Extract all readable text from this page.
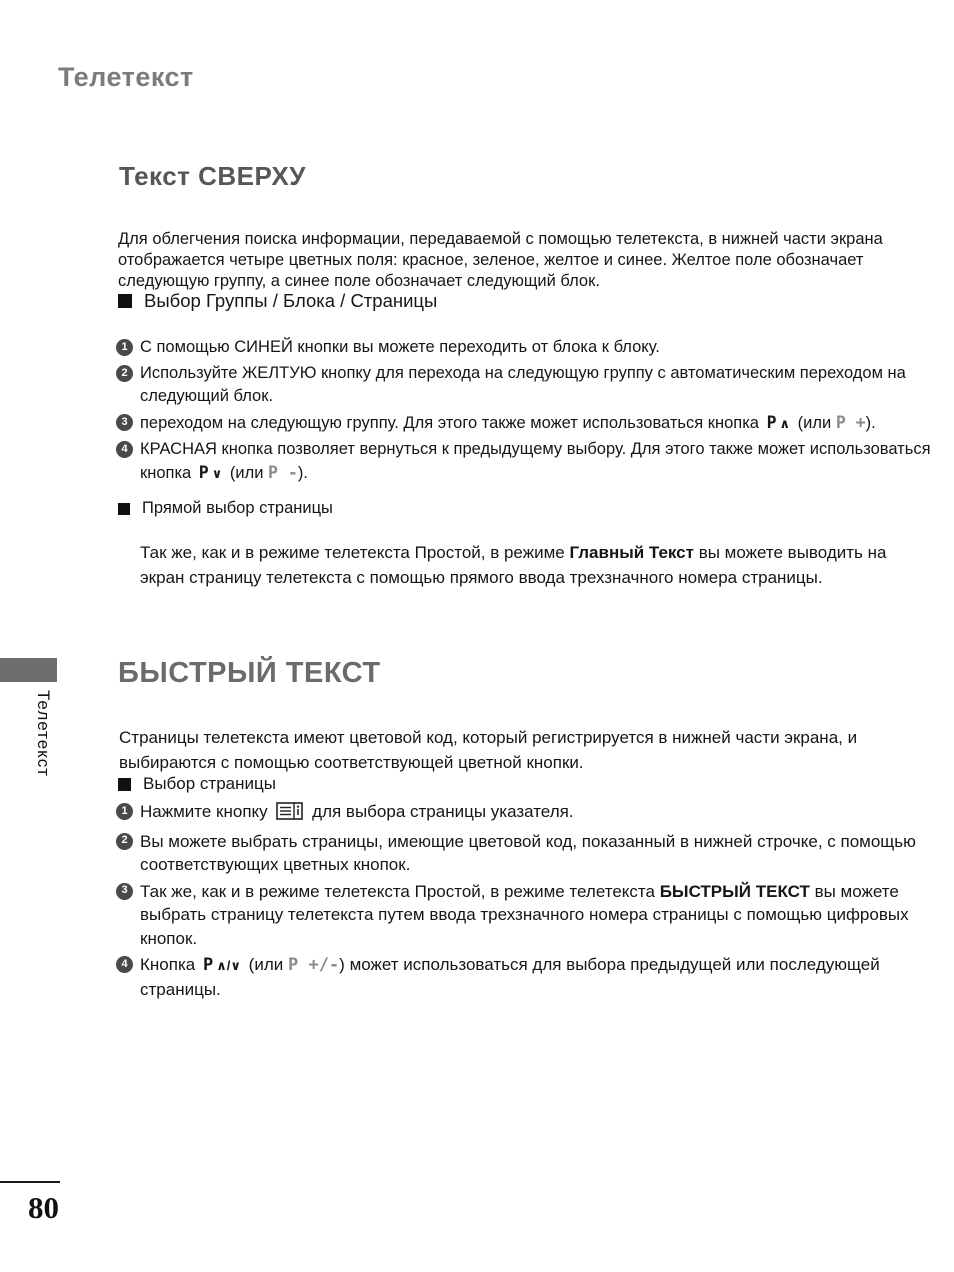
Телетекст
Текст СВЕРХУ

Для облегчения поиска информации, передаваемой с помощью телетекста, в нижней части экрана отображается четыре цветных поля: красное, зеленое, желтое и синее. Желтое поле обозначает следующую группу, а синее поле обозначает следующий блок.

Выбор Группы / Блока / Страницы
1 С помощью СИНЕЙ кнопки вы можете переходить от блока к блоку.
2 Используйте ЖЕЛТУЮ кнопку для перехода на следующую группу с автоматическим переходом на следующий блок.
3 переходом на следующую группу. Для этого также может использоваться кнопка P ∧ (или P +).
4 КРАСНАЯ кнопка позволяет вернуться к предыдущему выбору. Для этого также может использоваться кнопка P ∨ (или P -).
Прямой выбор страницы

Так же, как и в режиме телетекста Простой, в режиме Главный Текст вы можете выводить на экран страницу телетекста с помощью прямого ввода трехзначного номера страницы.

БЫСТРЫЙ ТЕКСТ
Телетекст	Страницы телетекста имеют цветовой код, который регистрируется в нижней части экрана, и выбираются с помощью соответствующей цветной кнопки.

Выбор страницы
1 Нажмите кнопку	для выбора страницы указателя.
2 Вы можете выбрать страницы, имеющие цветовой код, показанный в нижней строчке, с помощью соответствующих цветных кнопок.
3 Так же, как и в режиме телетекста Простой, в режиме телетекста БЫСТРЫЙ ТЕКСТ вы можете выбрать страницу телетекста путем ввода трехзначного номера страницы с помощью цифровых кнопок.
4 Кнопка P ∧/∨ (или P +/-) может использоваться для выбора предыдущей или последующей страницы.
80
